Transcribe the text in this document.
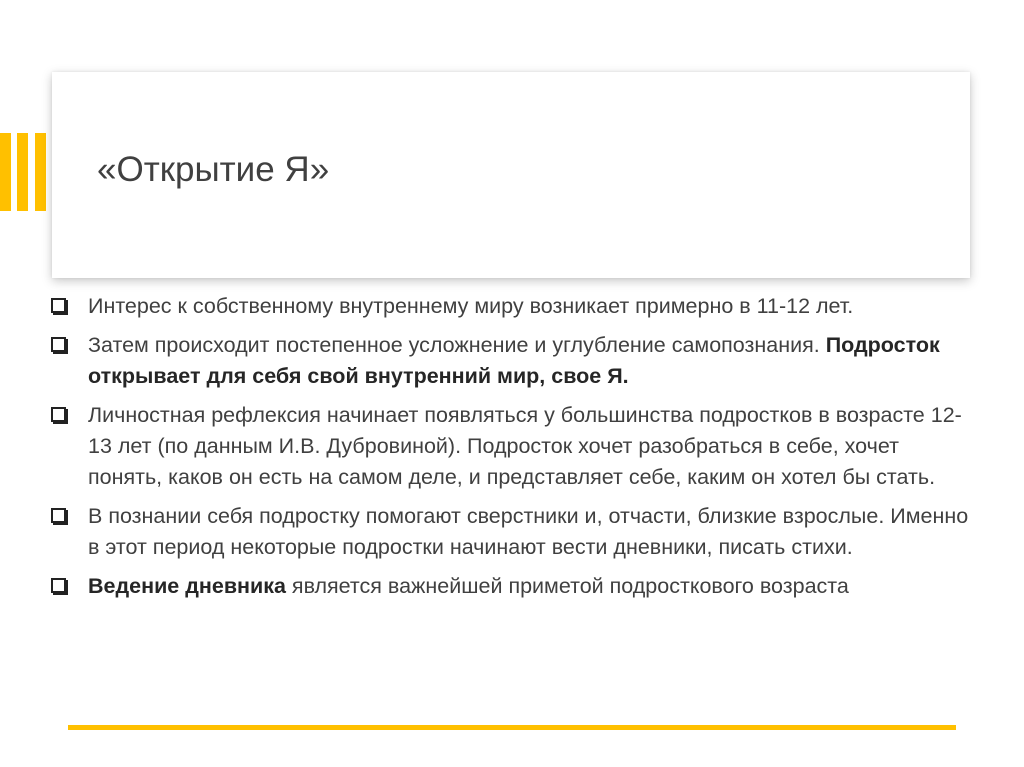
«Открытие Я»
Интерес к собственному внутреннему миру возникает примерно в 11-12 лет.
Затем происходит постепенное усложнение и углубление самопознания. Подросток открывает для себя свой внутренний мир, свое Я.
Личностная рефлексия начинает появляться у большинства подростков в возрасте 12-13 лет (по данным И.В. Дубровиной). Подросток хочет разобраться в себе, хочет понять, каков он есть на самом деле, и представляет себе, каким он хотел бы стать.
В познании себя подростку помогают сверстники и, отчасти, близкие взрослые. Именно в этот период некоторые подростки начинают вести дневники, писать стихи.
Ведение дневника является важнейшей приметой подросткового возраста
